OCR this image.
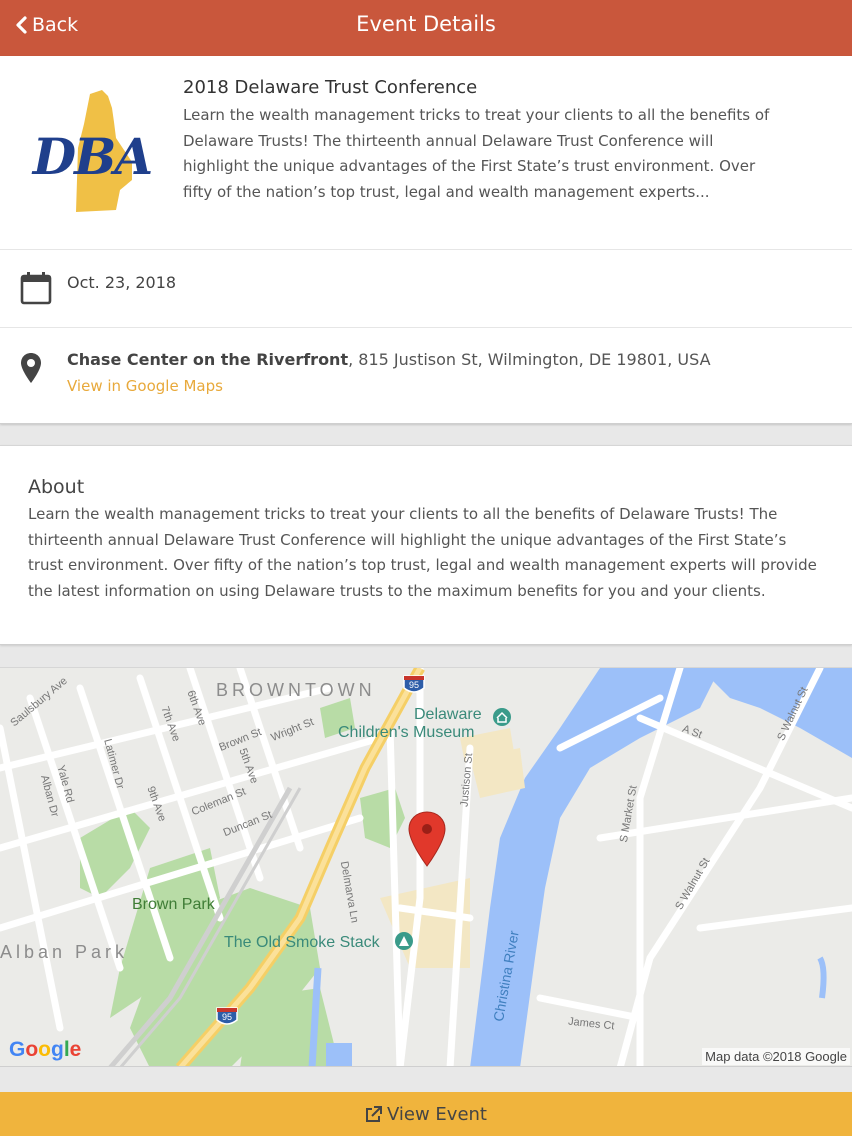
Back	Event Details
DBA
2018 Delaware Trust Conference
Learn the wealth management tricks to treat your clients to all the benefits of Delaware Trusts! The thirteenth annual Delaware Trust Conference will highlight the unique advantages of the First State’s trust environment. Over fifty of the nation’s top trust, legal and wealth management experts...
Oct. 23, 2018
Chase Center on the Riverfront, 815 Justison St, Wilmington, DE 19801, USA
View in Google Maps
About
Learn the wealth management tricks to treat your clients to all the benefits of Delaware Trusts! The thirteenth annual Delaware Trust Conference will highlight the unique advantages of the First State’s trust environment. Over fifty of the nation’s top trust, legal and wealth management experts will provide the latest information on using Delaware trusts to the maximum benefits for you and your clients.
BROWNTOWN
Delaware
Children's Museum
Brown Park
Alban Park	The Old Smoke Stack	Christina River
Saulsbury Ave	7th Ave 6th Ave
Latimer Dr
Yale Rd
Alban Dr	9th Ave
Brown St Wright St
5th Ave
Coleman St
Duncan St
Delmarva Ln
Justison St
A St	S Walnut St
S Market St
S Walnut St
James Ct
95
95
Google	Map data ©2018 Google
View Event
